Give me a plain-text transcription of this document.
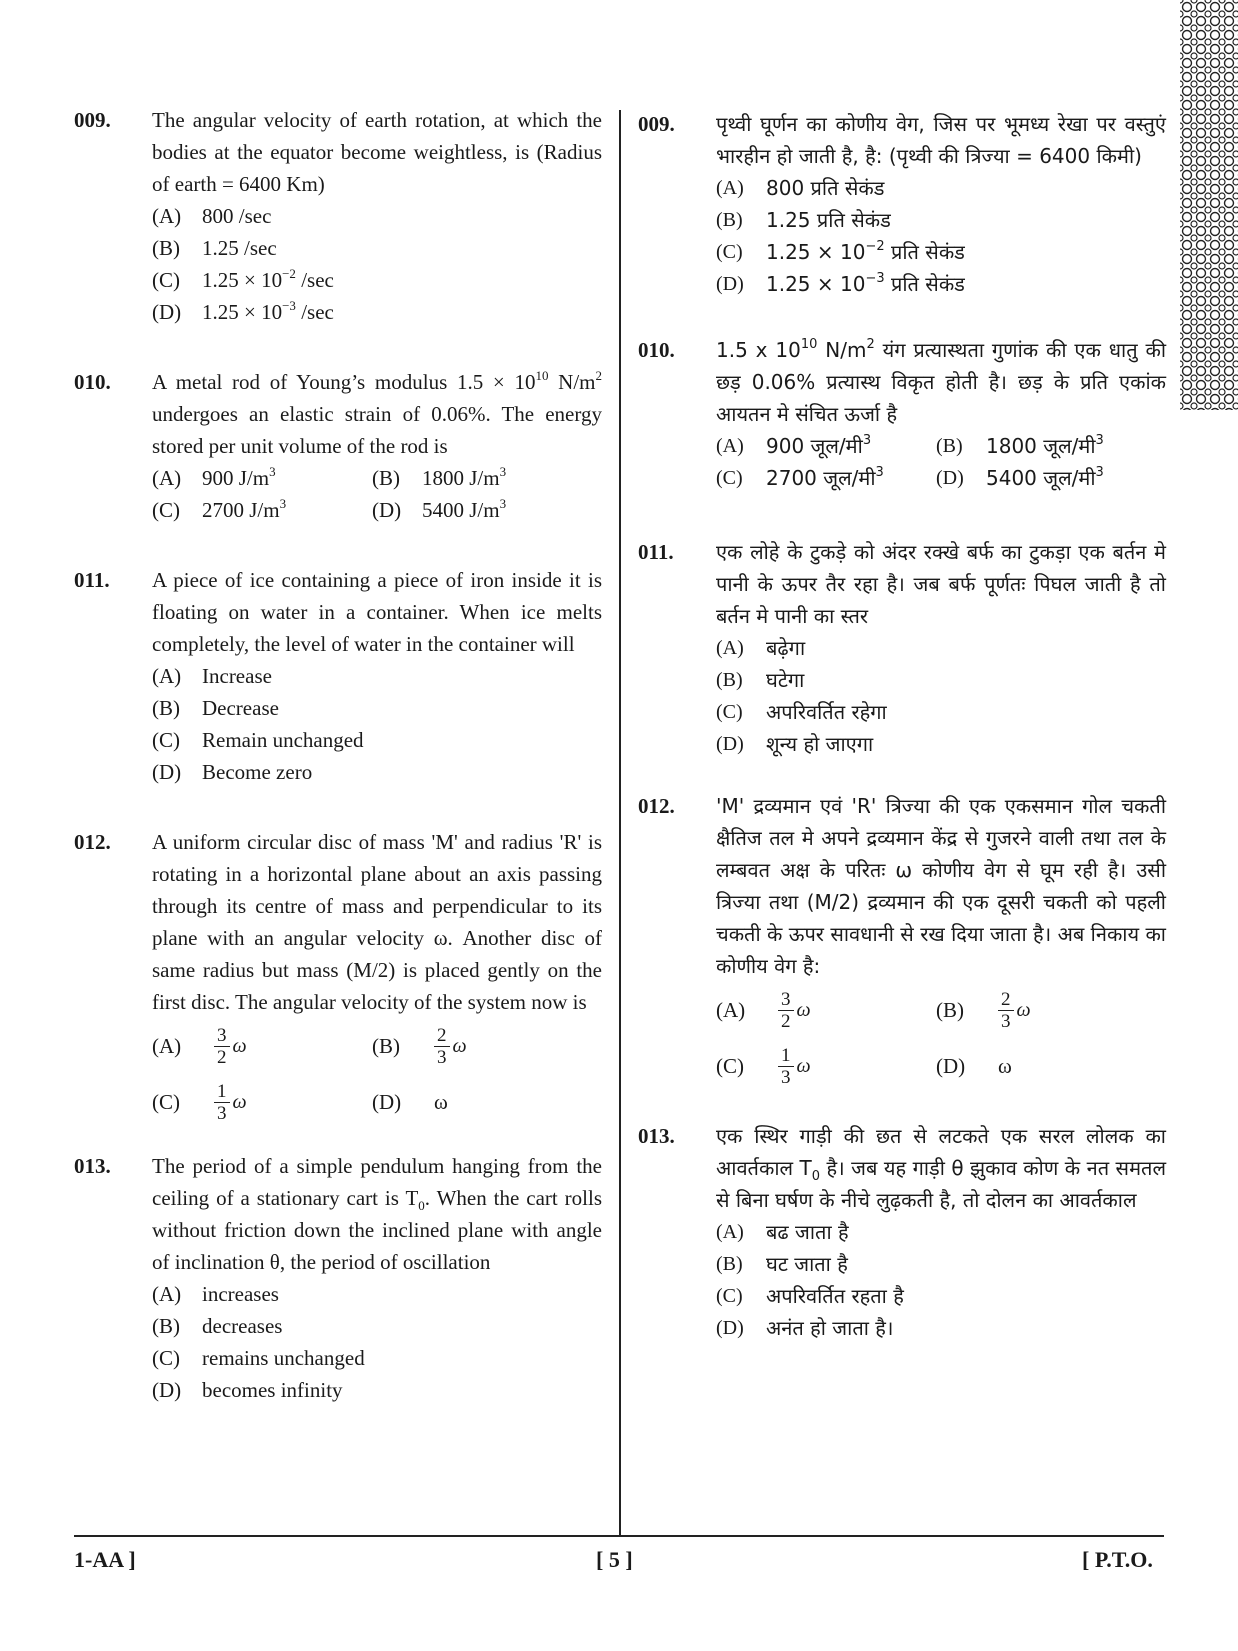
009. The angular velocity of earth rotation, at which the bodies at the equator become weightless, is (Radius of earth = 6400 Km)
(A) 800 /sec
(B)	1.25 /sec
(C)	$1.25 \times 10^{-2}$ /sec
(D) $1.25 \times 10^{-3}$ /sec
010. A metal rod of Young’s modulus $1.5 \times 10^{10}$ $N/m^2$ undergoes an elastic strain of 0.06%. The energy stored per unit volume of the rod is
(A) 900 $J/m^3$	(B)	1800 $J/m^3$
(C)	2700 $J/m^3$	(D) 5400 $J/m^3$
011. A piece of ice containing a piece of iron inside it is floating on water in a container. When ice melts completely, the level of water in the container will
(A) Increase
(B)	Decrease
(C)	Remain unchanged
(D) Become zero
012. A uniform circular disc of mass 'M' and radius 'R' is rotating in a horizontal plane about an axis passing through its centre of mass and perpendicular to its plane with an angular velocity ω. Another disc of same radius but mass (M/2) is placed gently on the first disc. The angular velocity of the system now is
(A)	$\frac{3}{2}$ ω	(B)	$\frac{2}{3}$ ω
(C)	$\frac{1}{3}$ ω	(D)	ω
013. The period of a simple pendulum hanging from the ceiling of a stationary cart is $T_0$. When the cart rolls without friction down the inclined plane with angle of inclination θ, the period of oscillation
(A) increases
(B)	decreases
(C)	remains unchanged
(D) becomes infinity
009. पृथ्वी घूर्णन का कोणीय वेग, जिस पर भूमध्य रेखा पर वस्तुएं भारहीन हो जाती है, है: (पृथ्वी की त्रिज्या = 6400 किमी)
(A)	800 प्रति सेकंड
(B)	1.25 प्रति सेकंड
(C)	$1.25 \times 10^{-2}$ प्रति सेकंड
(D)	$1.25 \times 10^{-3}$ प्रति सेकंड
010. 1.5 x $10^{10}$ $N/m^2$ यंग प्रत्यास्थता गुणांक की एक धातु की छड़ 0.06% प्रत्यास्थ विकृत होती है। छड़ के प्रति एकांक आयतन मे संचित ऊर्जा है
(A)	900 जूल/मी$^3$	(B)	1800 जूल/मी$^3$
(C)	2700 जूल/मी$^3$	(D)	5400 जूल/मी$^3$
011. एक लोहे के टुकड़े को अंदर रक्खे बर्फ का टुकड़ा एक बर्तन मे पानी के ऊपर तैर रहा है। जब बर्फ पूर्णतः पिघल जाती है तो बर्तन मे पानी का स्तर
(A)	बढ़ेगा
(B)	घटेगा
(C)	अपरिवर्तित रहेगा
(D)	शून्य हो जाएगा
012. 'M' द्रव्यमान एवं 'R' त्रिज्या की एक एकसमान गोल चकती क्षैतिज तल मे अपने द्रव्यमान केंद्र से गुजरने वाली तथा तल के लम्बवत अक्ष के परितः ω कोणीय वेग से घूम रही है। उसी त्रिज्या तथा (M/2) द्रव्यमान की एक दूसरी चकती को पहली चकती के ऊपर सावधानी से रख दिया जाता है। अब निकाय का कोणीय वेग है:
(A)	$\frac{3}{2}$ ω	(B)	$\frac{2}{3}$ ω
(C)	$\frac{1}{3}$ ω	(D)	ω
013. एक स्थिर गाड़ी की छत से लटकते एक सरल लोलक का आवर्तकाल $T_0$ है। जब यह गाड़ी θ झुकाव कोण के नत समतल से बिना घर्षण के नीचे लुढ़कती है, तो दोलन का आवर्तकाल
(A)	बढ जाता है
(B)	घट जाता है
(C)	अपरिवर्तित रहता है
(D)	अनंत हो जाता है।
1-AA ]	[ 5 ]	[ P.T.O.
